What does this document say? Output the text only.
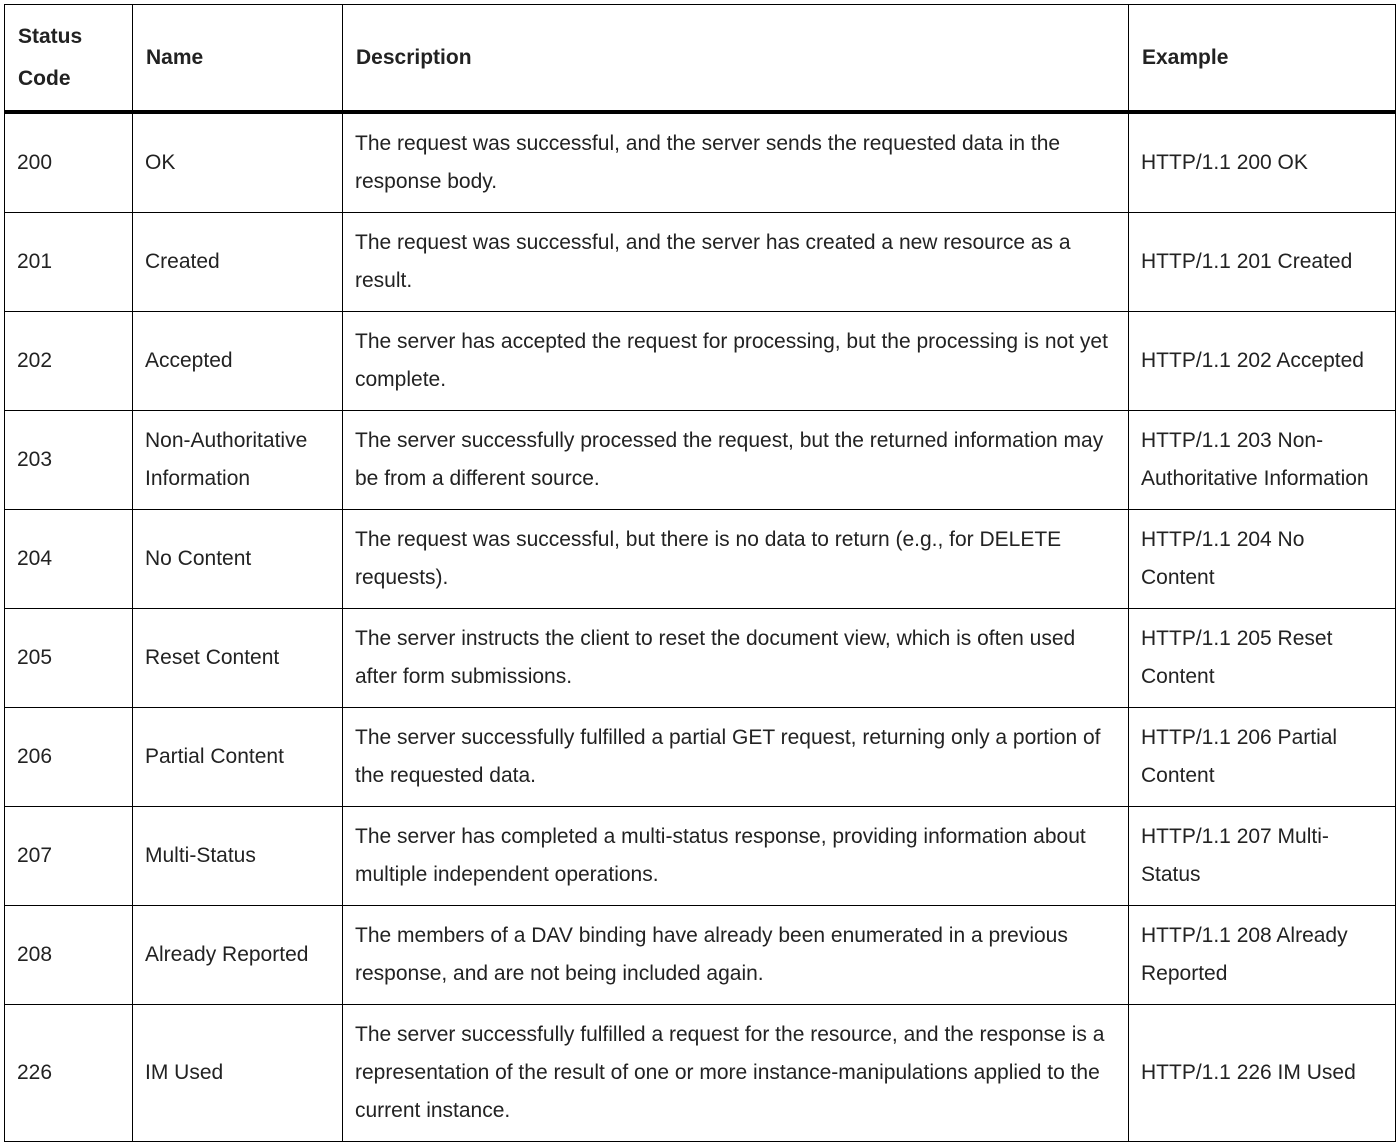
Status Code	Name	Description	Example
200	OK	The request was successful, and the server sends the requested data in the response body.	HTTP/1.1 200 OK
201	Created	The request was successful, and the server has created a new resource as a result.	HTTP/1.1 201 Created
202	Accepted	The server has accepted the request for processing, but the processing is not yet complete.	HTTP/1.1 202 Accepted
203	Non-Authoritative Information	The server successfully processed the request, but the returned information may be from a different source.	HTTP/1.1 203 Non-Authoritative Information
204	No Content	The request was successful, but there is no data to return (e.g., for DELETE requests).	HTTP/1.1 204 No Content
205	Reset Content	The server instructs the client to reset the document view, which is often used after form submissions.	HTTP/1.1 205 Reset Content
206	Partial Content	The server successfully fulfilled a partial GET request, returning only a portion of the requested data.	HTTP/1.1 206 Partial Content
207	Multi-Status	The server has completed a multi-status response, providing information about multiple independent operations.	HTTP/1.1 207 Multi-Status
208	Already Reported	The members of a DAV binding have already been enumerated in a previous response, and are not being included again.	HTTP/1.1 208 Already Reported
226	IM Used	The server successfully fulfilled a request for the resource, and the response is a representation of the result of one or more instance-manipulations applied to the current instance.	HTTP/1.1 226 IM Used
